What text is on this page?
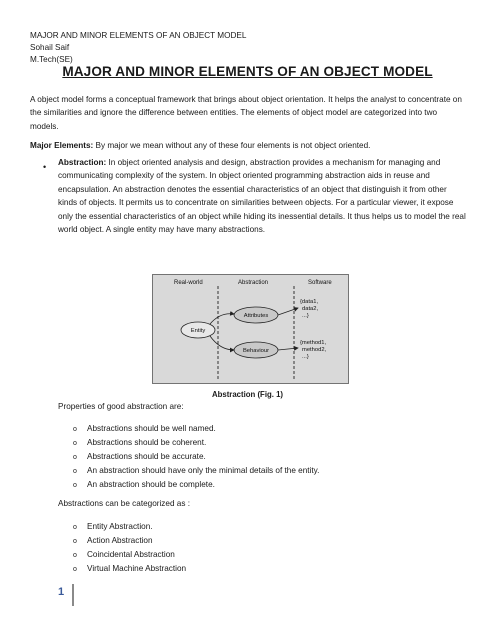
MAJOR AND MINOR ELEMENTS OF AN OBJECT MODEL
Sohail Saif
M.Tech(SE)
MAJOR AND MINOR ELEMENTS OF AN OBJECT MODEL
A object model forms a conceptual framework that brings about object orientation. It helps the analyst to concentrate on the similarities and ignore the difference between entities. The elements of object model are categorized into two models.
Major Elements: By major we mean without any of these four elements is not object oriented.
• Abstraction: In object oriented analysis and design, abstraction provides a mechanism for managing and communicating complexity of the system. In object oriented programming abstraction aids in reuse and encapsulation. An abstraction denotes the essential characteristics of an object that distinguish it from other kinds of objects. It permits us to concentrate on similarities between objects. For a particular viewer, it expose only the essential characteristics of an object while hiding its inessential details. It thus helps us to model the real world object. A single entity may have many abstractions.
Real-world	Abstraction	Software
Entity
Attributes
Behaviour
{data1,
data2,
...}
{method1,
method2,
...}
Abstraction (Fig. 1)
Properties of good abstraction are:
o Abstractions should be well named.
o Abstractions should be coherent.
o Abstractions should be accurate.
o An abstraction should have only the minimal details of the entity.
o An abstraction should be complete.
Abstractions can be categorized as :
o Entity Abstraction.
o Action Abstraction
o Coincidental Abstraction
o Virtual Machine Abstraction
1
